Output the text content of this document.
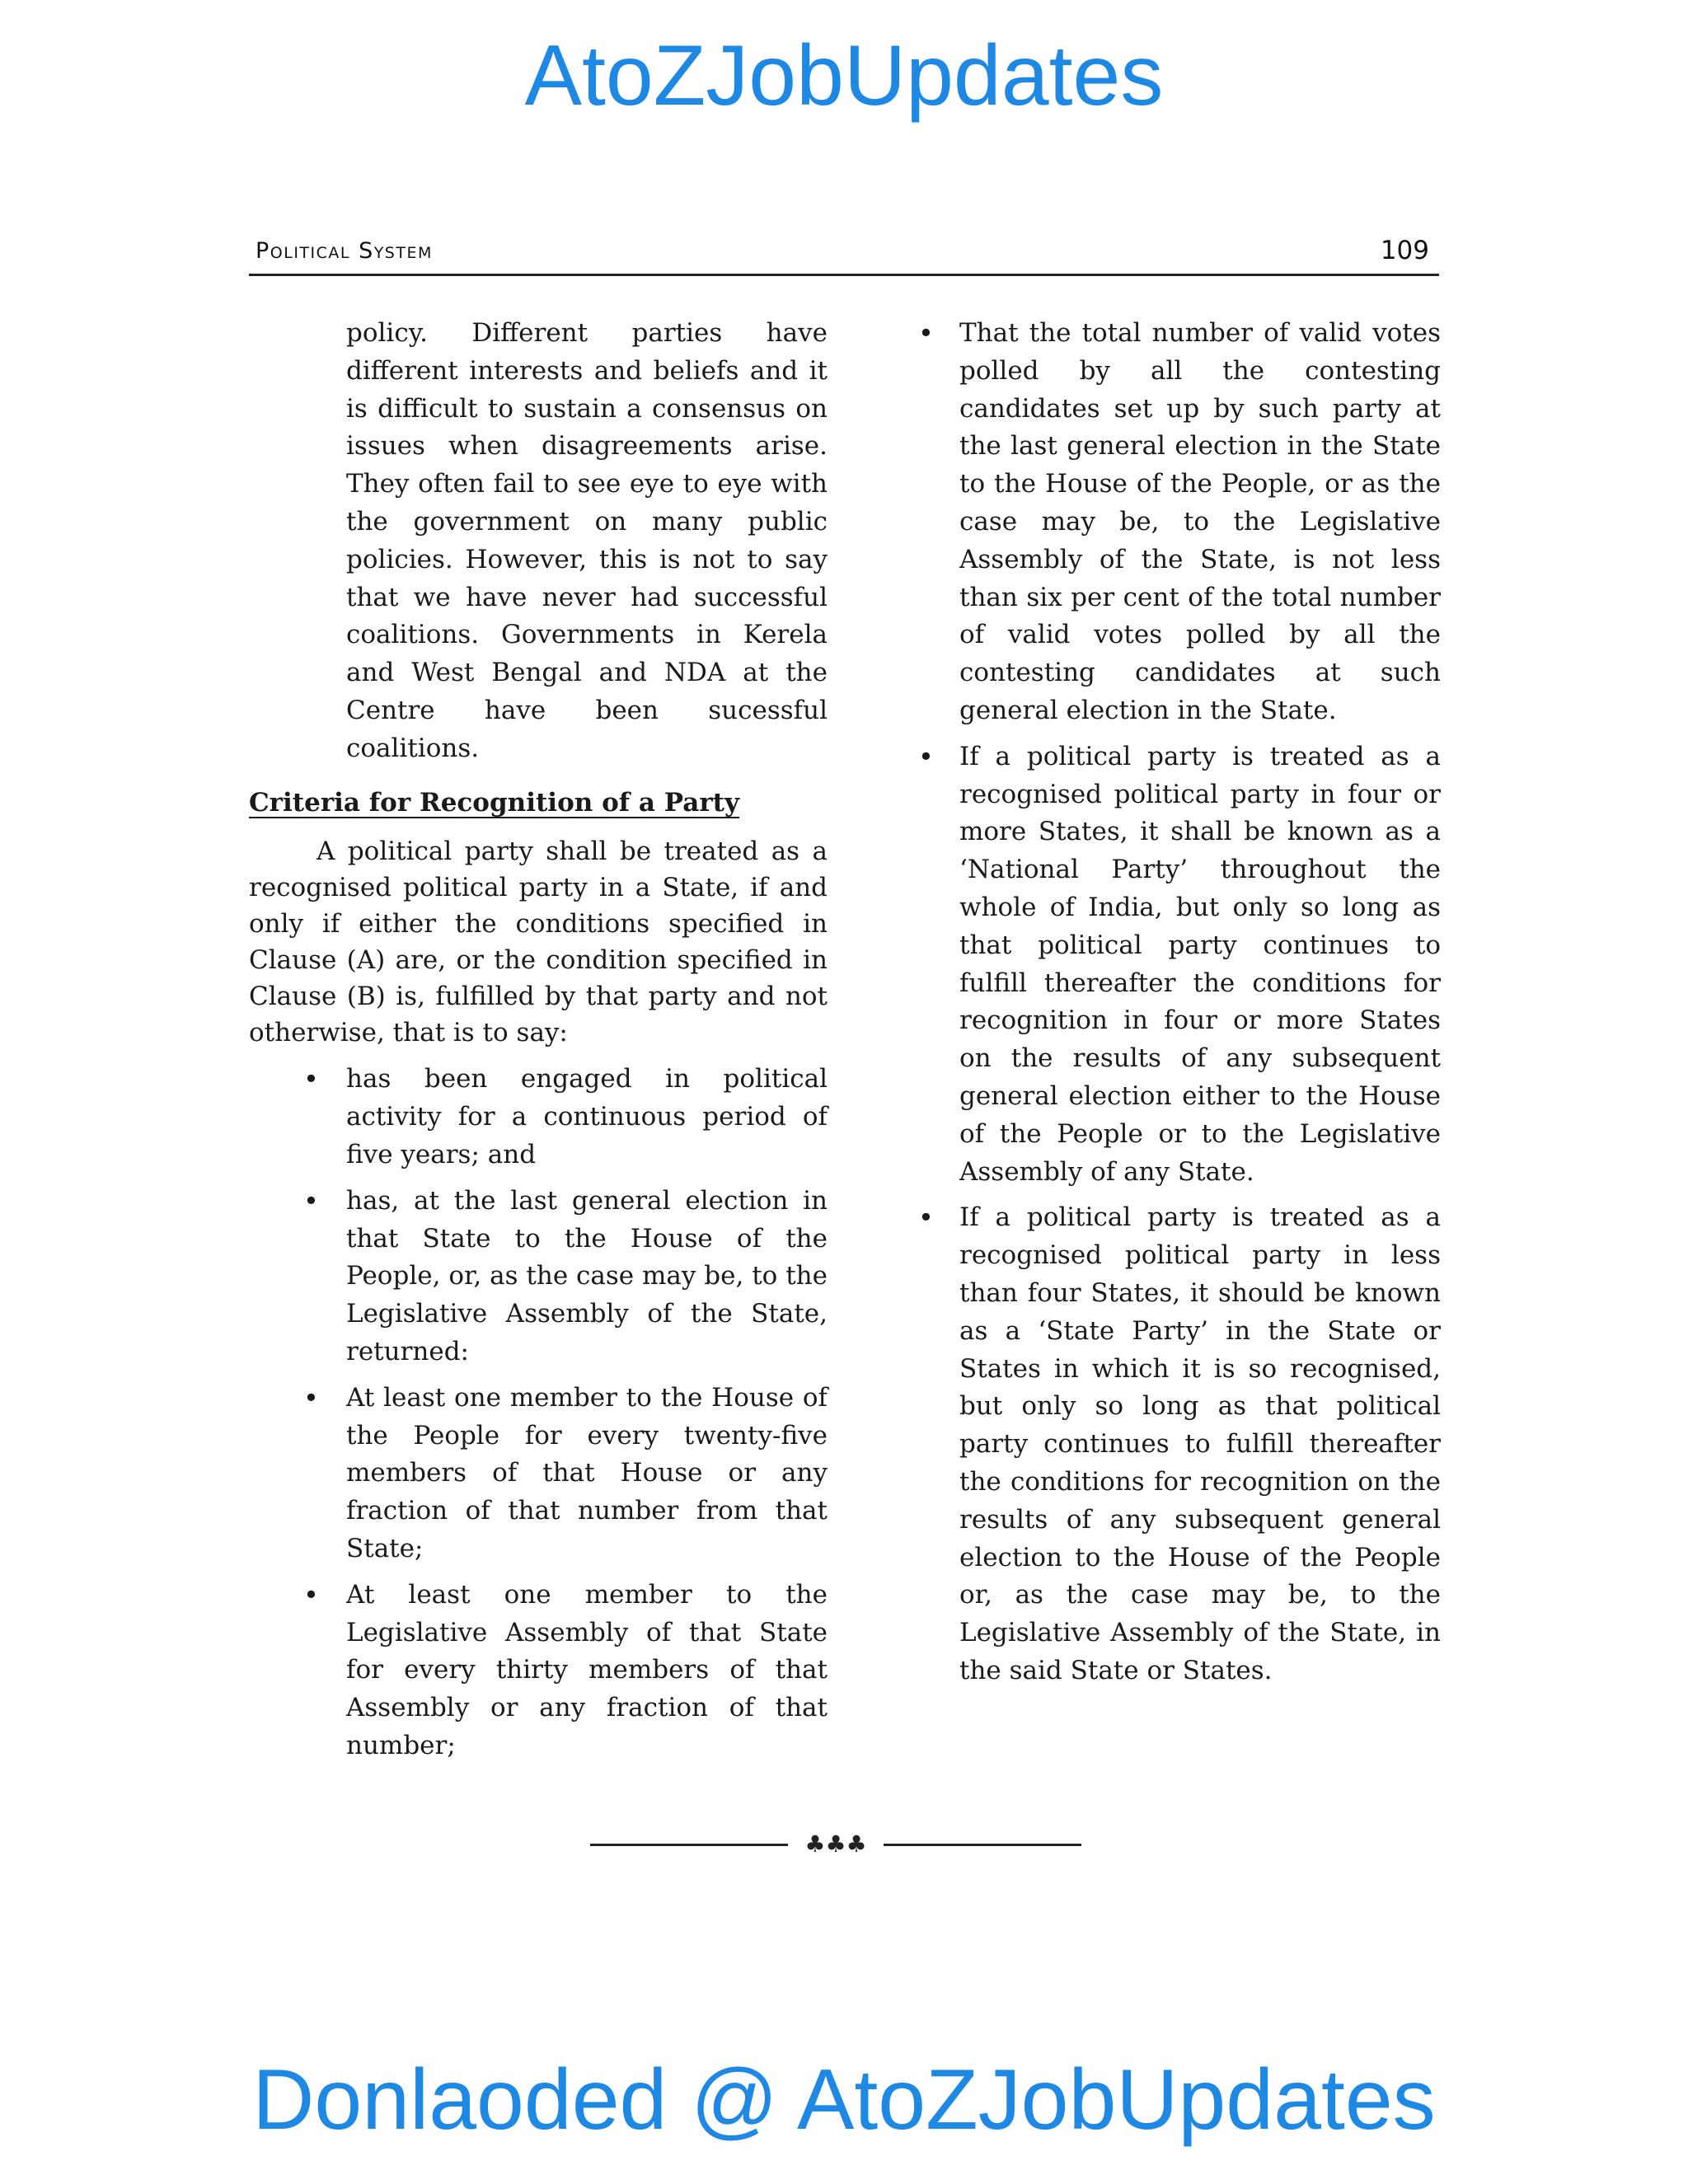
AtoZJobUpdates
Political System	109

policy. Different parties have different interests and beliefs and it is difficult to sustain a consensus on issues when disagreements arise. They often fail to see eye to eye with the government on many public policies. However, this is not to say that we have never had successful coalitions. Governments in Kerela and West Bengal and NDA at the Centre have been sucessful coalitions.

Criteria for Recognition of a Party

A political party shall be treated as a recognised political party in a State, if and only if either the conditions specified in Clause (A) are, or the condition specified in Clause (B) is, fulfilled by that party and not otherwise, that is to say:

• has been engaged in political activity for a continuous period of five years; and

• has, at the last general election in that State to the House of the People, or, as the case may be, to the Legislative Assembly of the State, returned:

• At least one member to the House of the People for every twenty-five members of that House or any fraction of that number from that State;

• At least one member to the Legislative Assembly of that State for every thirty members of that Assembly or any fraction of that number;

• That the total number of valid votes polled by all the contesting candidates set up by such party at the last general election in the State to the House of the People, or as the case may be, to the Legislative Assembly of the State, is not less than six per cent of the total number of valid votes polled by all the contesting candidates at such general election in the State.

• If a political party is treated as a recognised political party in four or more States, it shall be known as a ‘National Party’ throughout the whole of India, but only so long as that political party continues to fulfill thereafter the conditions for recognition in four or more States on the results of any subsequent general election either to the House of the People or to the Legislative Assembly of any State.

• If a political party is treated as a recognised political party in less than four States, it should be known as a ‘State Party’ in the State or States in which it is so recognised, but only so long as that political party continues to fulfill thereafter the conditions for recognition on the results of any subsequent general election to the House of the People or, as the case may be, to the Legislative Assembly of the State, in the said State or States.

♣♣♣
Donlaoded @ AtoZJobUpdates
